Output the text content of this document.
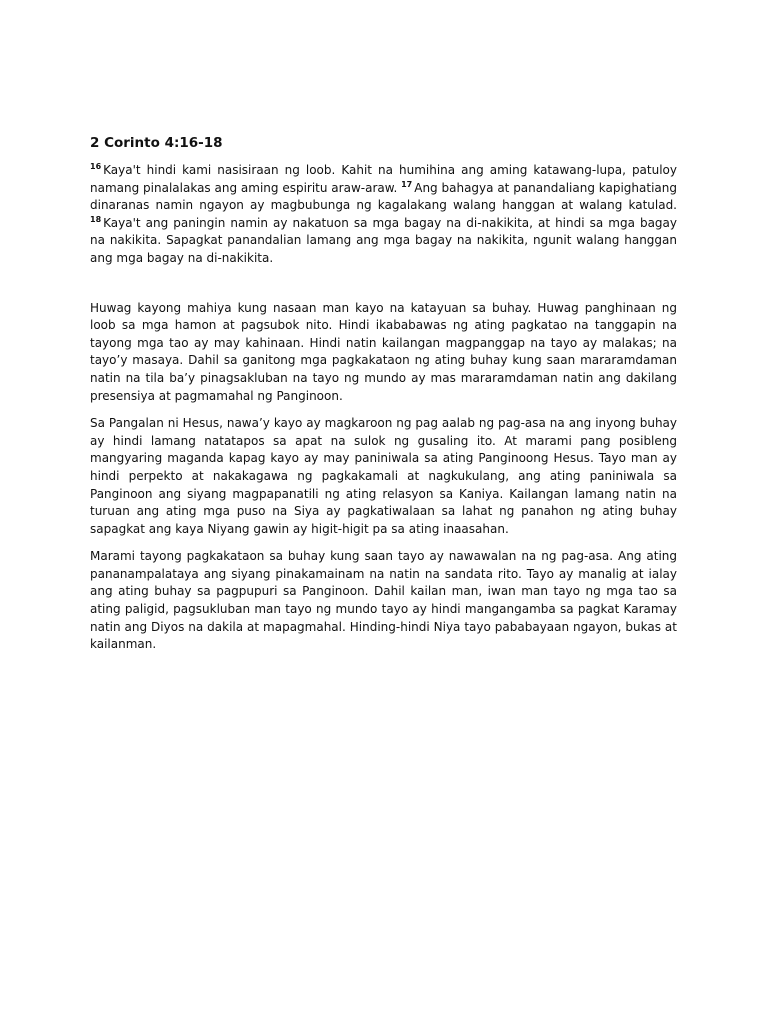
2 Corinto 4:16-18

$^{16}$ Kaya't hindi kami nasisiraan ng loob. Kahit na humihina ang aming katawang-lupa, patuloy namang pinalalakas ang aming espiritu araw-araw. $^{17}$ Ang bahagya at panandaliang kapighatiang dinaranas namin ngayon ay magbubunga ng kagalakang walang hanggan at walang katulad. $^{18}$ Kaya't ang paningin namin ay nakatuon sa mga bagay na di-nakikita, at hindi sa mga bagay na nakikita. Sapagkat panandalian lamang ang mga bagay na nakikita, ngunit walang hanggan ang mga bagay na di-nakikita.

Huwag kayong mahiya kung nasaan man kayo na katayuan sa buhay. Huwag panghinaan ng loob sa mga hamon at pagsubok nito. Hindi ikababawas ng ating pagkatao na tanggapin na tayong mga tao ay may kahinaan. Hindi natin kailangan magpanggap na tayo ay malakas; na tayo’y masaya. Dahil sa ganitong mga pagkakataon ng ating buhay kung saan mararamdaman natin na tila ba’y pinagsakluban na tayo ng mundo ay mas mararamdaman natin ang dakilang presensiya at pagmamahal ng Panginoon.

Sa Pangalan ni Hesus, nawa’y kayo ay magkaroon ng pag aalab ng pag-asa na ang inyong buhay ay hindi lamang natatapos sa apat na sulok ng gusaling ito. At marami pang posibleng mangyaring maganda kapag kayo ay may paniniwala sa ating Panginoong Hesus. Tayo man ay hindi perpekto at nakakagawa ng pagkakamali at nagkukulang, ang ating paniniwala sa Panginoon ang siyang magpapanatili ng ating relasyon sa Kaniya. Kailangan lamang natin na turuan ang ating mga puso na Siya ay pagkatiwalaan sa lahat ng panahon ng ating buhay sapagkat ang kaya Niyang gawin ay higit-higit pa sa ating inaasahan.

Marami tayong pagkakataon sa buhay kung saan tayo ay nawawalan na ng pag-asa. Ang ating pananampalataya ang siyang pinakamainam na natin na sandata rito. Tayo ay manalig at ialay ang ating buhay sa pagpupuri sa Panginoon. Dahil kailan man, iwan man tayo ng mga tao sa ating paligid, pagsukluban man tayo ng mundo tayo ay hindi mangangamba sa pagkat Karamay natin ang Diyos na dakila at mapagmahal. Hinding-hindi Niya tayo pababayaan ngayon, bukas at kailanman.
